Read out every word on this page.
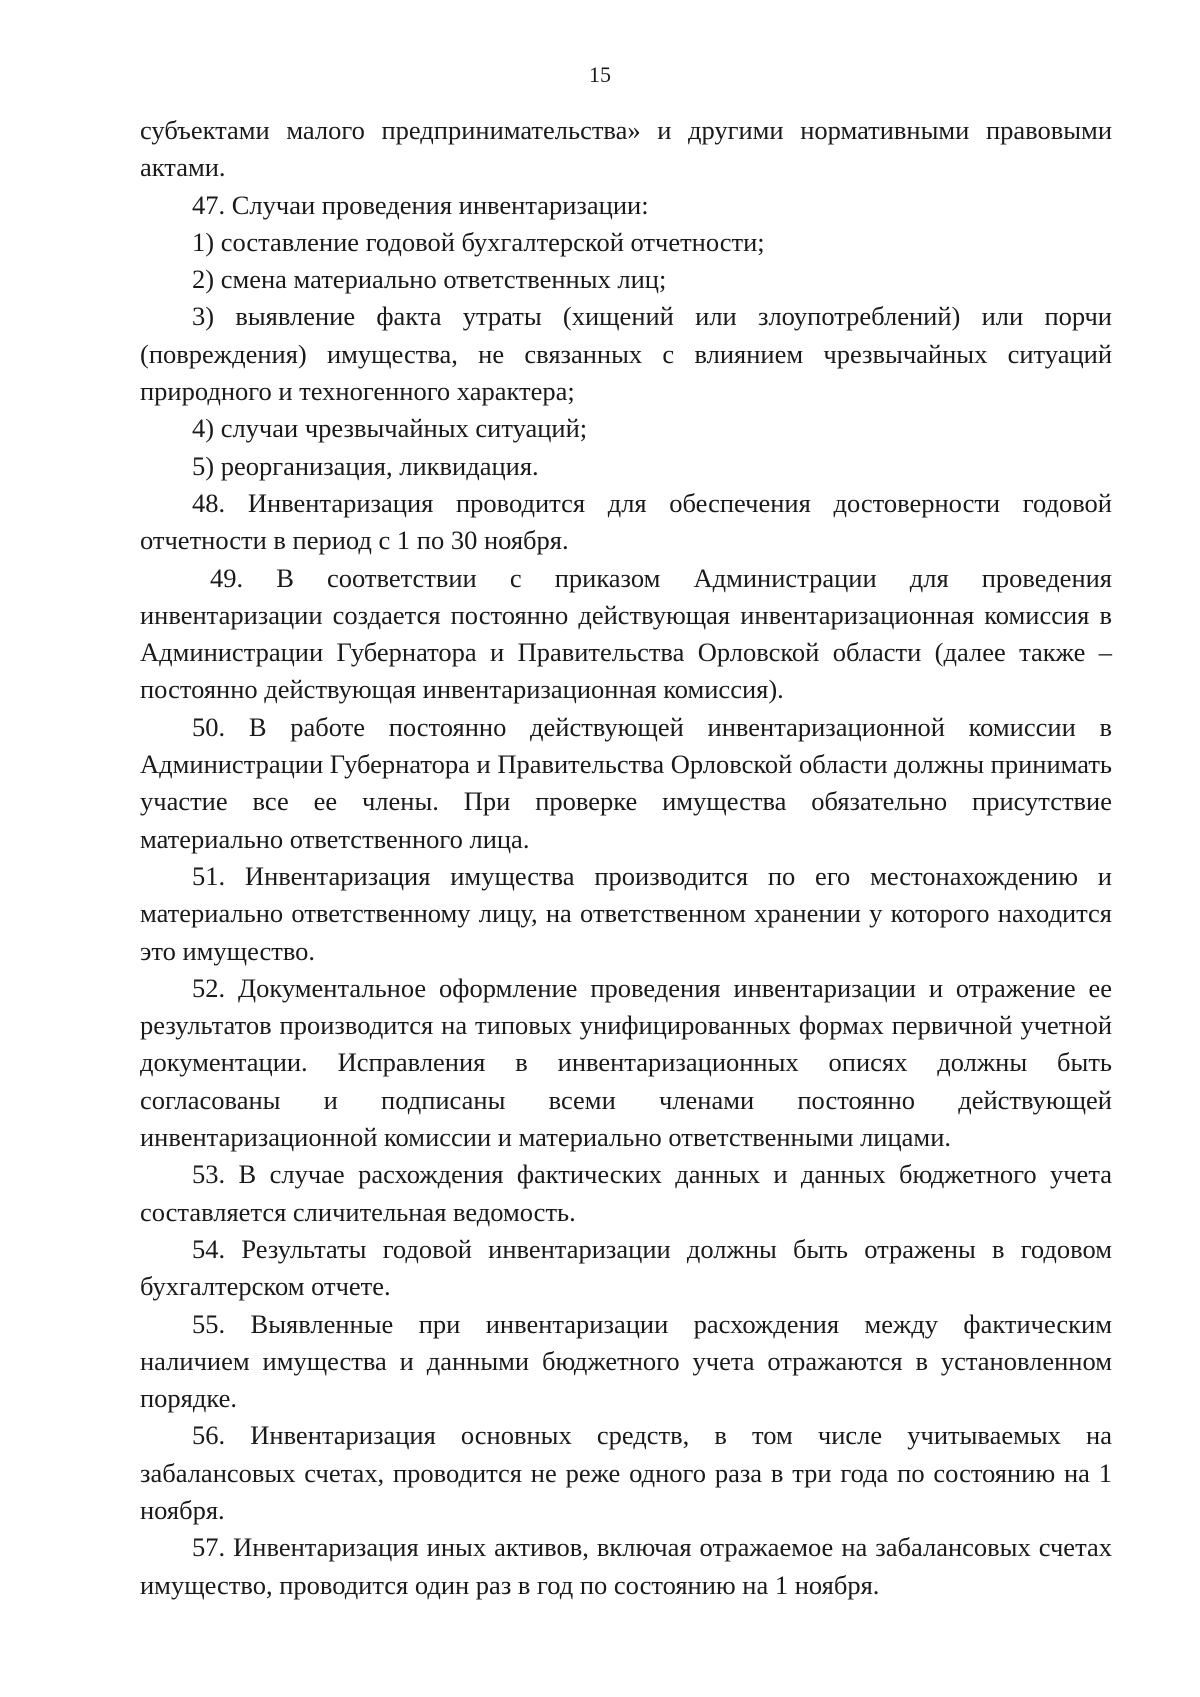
15

субъектами малого предпринимательства» и другими нормативными правовыми актами.

47. Случаи проведения инвентаризации:

1) составление годовой бухгалтерской отчетности;

2) смена материально ответственных лиц;

3) выявление факта утраты (хищений или злоупотреблений) или порчи (повреждения) имущества, не связанных с влиянием чрезвычайных ситуаций природного и техногенного характера;

4) случаи чрезвычайных ситуаций;

5) реорганизация, ликвидация.

48. Инвентаризация проводится для обеспечения достоверности годовой отчетности в период с 1 по 30 ноября.

49. В соответствии с приказом Администрации для проведения инвентаризации создается постоянно действующая инвентаризационная комиссия в Администрации Губернатора и Правительства Орловской области (далее также – постоянно действующая инвентаризационная комиссия).

50. В работе постоянно действующей инвентаризационной комиссии в Администрации Губернатора и Правительства Орловской области должны принимать участие все ее члены. При проверке имущества обязательно присутствие материально ответственного лица.

51. Инвентаризация имущества производится по его местонахождению и материально ответственному лицу, на ответственном хранении у которого находится это имущество.

52. Документальное оформление проведения инвентаризации и отражение ее результатов производится на типовых унифицированных формах первичной учетной документации. Исправления в инвентаризационных описях должны быть согласованы и подписаны всеми членами постоянно действующей инвентаризационной комиссии и материально ответственными лицами.

53. В случае расхождения фактических данных и данных бюджетного учета составляется сличительная ведомость.

54. Результаты годовой инвентаризации должны быть отражены в годовом бухгалтерском отчете.

55. Выявленные при инвентаризации расхождения между фактическим наличием имущества и данными бюджетного учета отражаются в установленном порядке.

56. Инвентаризация основных средств, в том числе учитываемых на забалансовых счетах, проводится не реже одного раза в три года по состоянию на 1 ноября.

57. Инвентаризация иных активов, включая отражаемое на забалансовых счетах имущество, проводится один раз в год по состоянию на 1 ноября.
